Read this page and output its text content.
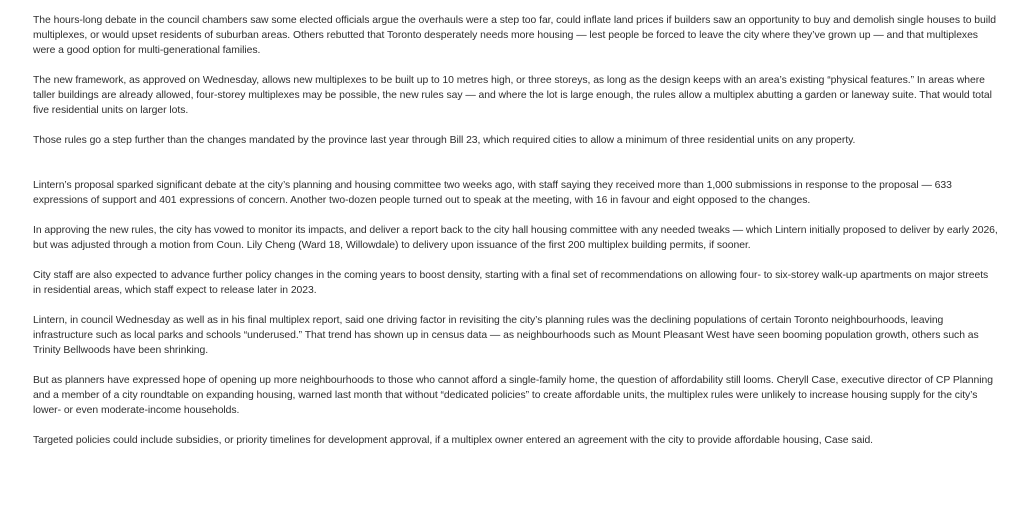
The hours-long debate in the council chambers saw some elected officials argue the overhauls were a step too far, could inflate land prices if builders saw an opportunity to buy and demolish single houses to build multiplexes, or would upset residents of suburban areas. Others rebutted that Toronto desperately needs more housing — lest people be forced to leave the city where they’ve grown up — and that multiplexes were a good option for multi-generational families.

The new framework, as approved on Wednesday, allows new multiplexes to be built up to 10 metres high, or three storeys, as long as the design keeps with an area’s existing “physical features.” In areas where taller buildings are already allowed, four-storey multiplexes may be possible, the new rules say — and where the lot is large enough, the rules allow a multiplex abutting a garden or laneway suite. That would total five residential units on larger lots.

Those rules go a step further than the changes mandated by the province last year through Bill 23, which required cities to allow a minimum of three residential units on any property.

Lintern’s proposal sparked significant debate at the city’s planning and housing committee two weeks ago, with staff saying they received more than 1,000 submissions in response to the proposal — 633 expressions of support and 401 expressions of concern. Another two-dozen people turned out to speak at the meeting, with 16 in favour and eight opposed to the changes.

In approving the new rules, the city has vowed to monitor its impacts, and deliver a report back to the city hall housing committee with any needed tweaks — which Lintern initially proposed to deliver by early 2026, but was adjusted through a motion from Coun. Lily Cheng (Ward 18, Willowdale) to delivery upon issuance of the first 200 multiplex building permits, if sooner.

City staff are also expected to advance further policy changes in the coming years to boost density, starting with a final set of recommendations on allowing four- to six-storey walk-up apartments on major streets in residential areas, which staff expect to release later in 2023.

Lintern, in council Wednesday as well as in his final multiplex report, said one driving factor in revisiting the city’s planning rules was the declining populations of certain Toronto neighbourhoods, leaving infrastructure such as local parks and schools “underused.” That trend has shown up in census data — as neighbourhoods such as Mount Pleasant West have seen booming population growth, others such as Trinity Bellwoods have been shrinking.

But as planners have expressed hope of opening up more neighbourhoods to those who cannot afford a single-family home, the question of affordability still looms. Cheryll Case, executive director of CP Planning and a member of a city roundtable on expanding housing, warned last month that without “dedicated policies” to create affordable units, the multiplex rules were unlikely to increase housing supply for the city’s lower- or even moderate-income households.

Targeted policies could include subsidies, or priority timelines for development approval, if a multiplex owner entered an agreement with the city to provide affordable housing, Case said.
